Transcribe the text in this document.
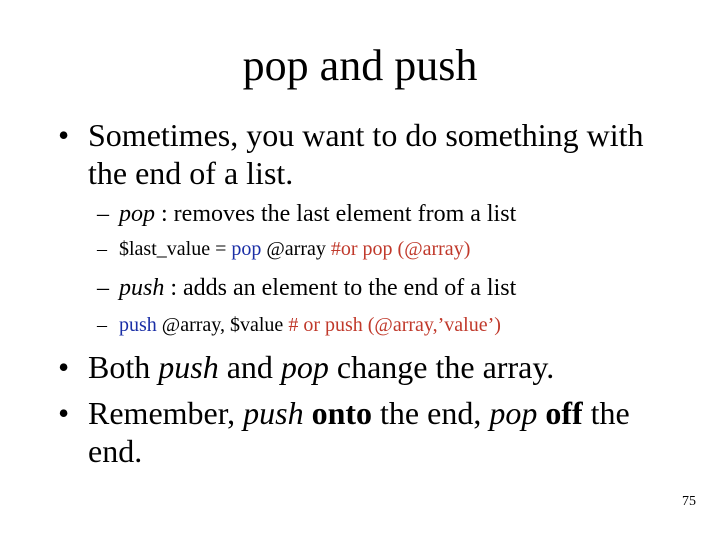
pop and push
• Sometimes, you want to do something with
the end of a list.
– pop : removes the last element from a list
– $last_value = pop @array #or pop (@array)
– push : adds an element to the end of a list
– push @array, $value # or push (@array,’value’)
• Both push and pop change the array.
• Remember, push onto the end, pop off the
end.
75
